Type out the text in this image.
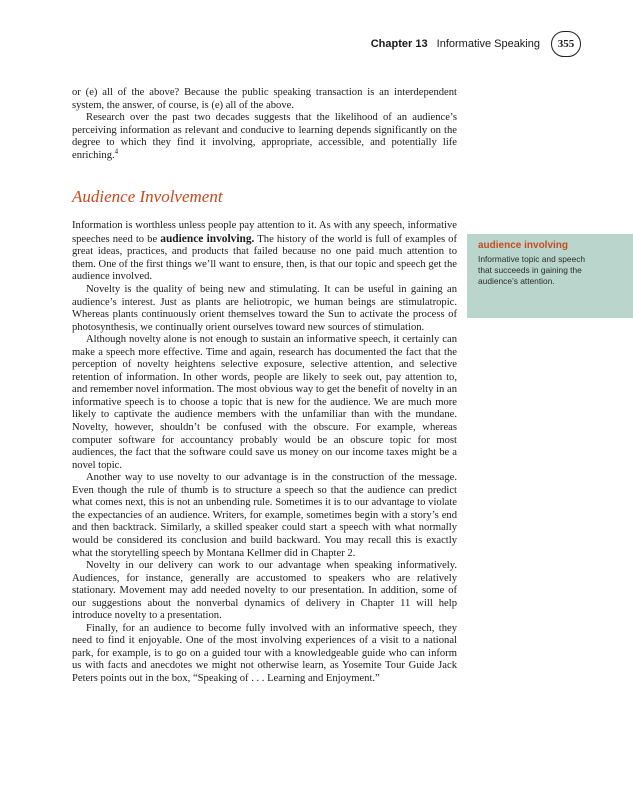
Chapter 13 Informative Speaking	355

or (e) all of the above? Because the public speaking transaction is an interdependent system, the answer, of course, is (e) all of the above.

Research over the past two decades suggests that the likelihood of an audience’s perceiving information as relevant and conducive to learning depends significantly on the degree to which they find it involving, appropriate, accessible, and potentially life enriching.$^4$

Audience Involvement

Information is worthless unless people pay attention to it. As with any speech, informative speeches need to be audience involving. The history of the world is full of examples of great ideas, practices, and products that failed because no one paid much attention to them. One of the first things we’ll want to ensure, then, is that our topic and speech get the audience involved.

Novelty is the quality of being new and stimulating. It can be useful in gaining an audience’s interest. Just as plants are heliotropic, we human beings are stimulatropic. Whereas plants continuously orient themselves toward the Sun to activate the process of photosynthesis, we continually orient ourselves toward new sources of stimulation.

Although novelty alone is not enough to sustain an informative speech, it certainly can make a speech more effective. Time and again, research has documented the fact that the perception of novelty heightens selective exposure, selective attention, and selective retention of information. In other words, people are likely to seek out, pay attention to, and remember novel information. The most obvious way to get the benefit of novelty in an informative speech is to choose a topic that is new for the audience. We are much more likely to captivate the audience members with the unfamiliar than with the mundane. Novelty, however, shouldn’t be confused with the obscure. For example, whereas computer software for accountancy probably would be an obscure topic for most audiences, the fact that the software could save us money on our income taxes might be a novel topic.

Another way to use novelty to our advantage is in the construction of the message. Even though the rule of thumb is to structure a speech so that the audience can predict what comes next, this is not an unbending rule. Sometimes it is to our advantage to violate the expectancies of an audience. Writers, for example, sometimes begin with a story’s end and then backtrack. Similarly, a skilled speaker could start a speech with what normally would be considered its conclusion and build backward. You may recall this is exactly what the storytelling speech by Montana Kellmer did in Chapter 2.

Novelty in our delivery can work to our advantage when speaking informatively. Audiences, for instance, generally are accustomed to speakers who are relatively stationary. Movement may add needed novelty to our presentation. In addition, some of our suggestions about the nonverbal dynamics of delivery in Chapter 11 will help introduce novelty to a presentation.

Finally, for an audience to become fully involved with an informative speech, they need to find it enjoyable. One of the most involving experiences of a visit to a national park, for example, is to go on a guided tour with a knowledgeable guide who can inform us with facts and anecdotes we might not otherwise learn, as Yosemite Tour Guide Jack Peters points out in the box, “Speaking of . . . Learning and Enjoyment.”

audience involving
Informative topic and speech that succeeds in gaining the audience’s attention.
